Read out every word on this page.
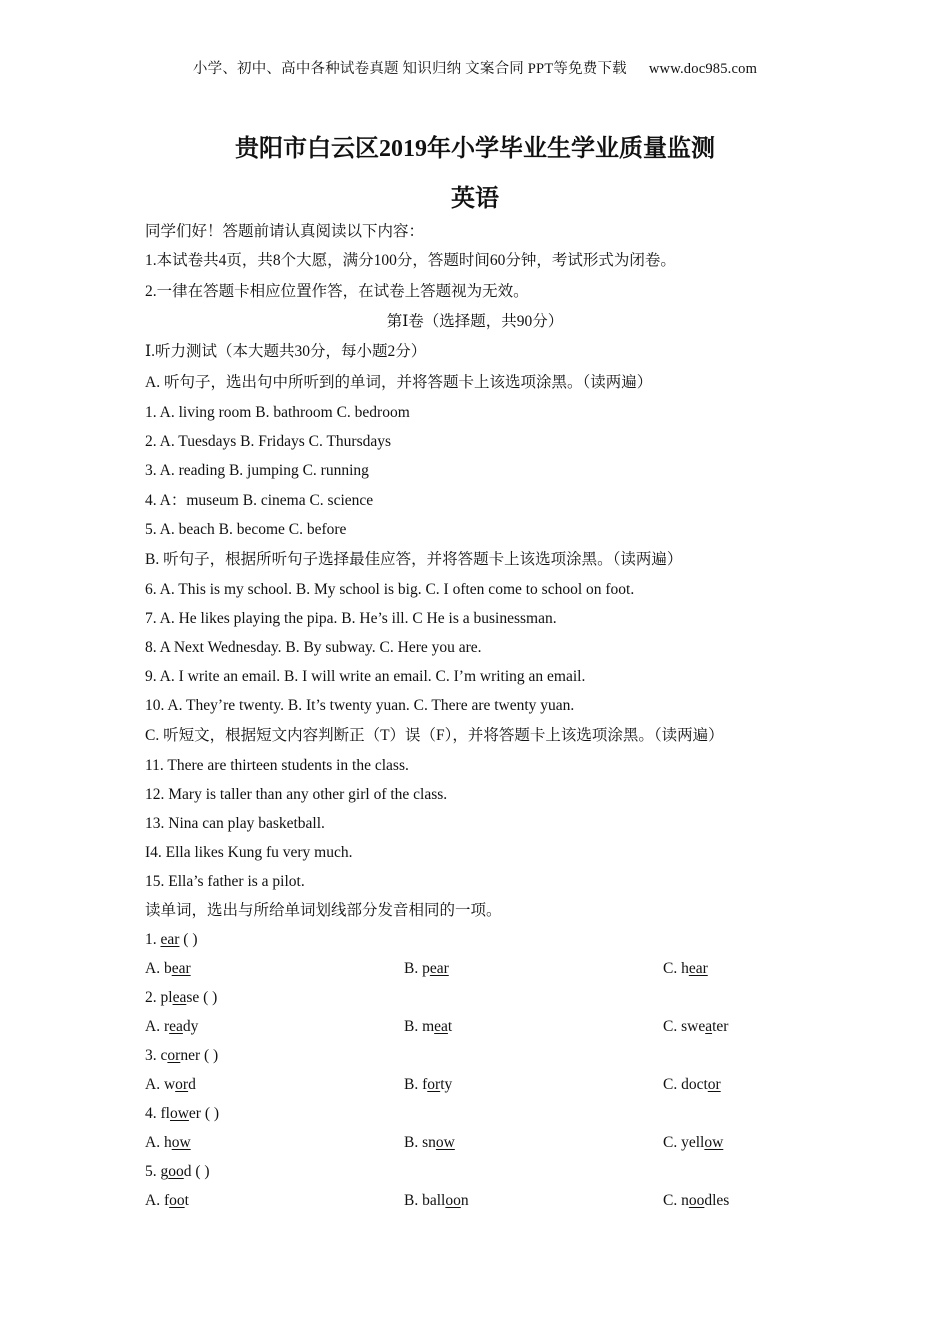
小学、初中、高中各种试卷真题 知识归纳 文案合同 PPT等免费下载 www.doc985.com
贵阳市白云区2019年小学毕业生学业质量监测
英语
同学们好！答题前请认真阅读以下内容：
1.本试卷共4页，共8个大愿，满分100分，答题时间60分钟，考试形式为闭卷。
2.一律在答题卡相应位置作答，在试卷上答题视为无效。
第Ⅰ卷（选择题，共90分）
Ⅰ.听力测试（本大题共30分，每小题2分）
A. 听句子，选出句中所听到的单词，并将答题卡上该选项涂黑。（读两遍）
1. A. living room B. bathroom C. bedroom
2. A. Tuesdays B. Fridays C. Thursdays
3. A. reading B. jumping C. running
4. A：museum B. cinema C. science
5. A. beach B. become C. before
B. 听句子，根据所听句子选择最佳应答，并将答题卡上该选项涂黑。（读两遍）
6. A. This is my school. B. My school is big. C. I often come to school on foot.
7. A. He likes playing the pipa. B. He’s ill. C He is a businessman.
8. A Next Wednesday. B. By subway. C. Here you are.
9. A. I write an email. B. I will write an email. C. I’m writing an email.
10. A. They’re twenty. B. It’s twenty yuan. C. There are twenty yuan.
C. 听短文，根据短文内容判断正（T）误（F），并将答题卡上该选项涂黑。（读两遍）
11. There are thirteen students in the class.
12. Mary is taller than any other girl of the class.
13. Nina can play basketball.
I4. Ella likes Kung fu very much.
15. Ella’s father is a pilot.
读单词，选出与所给单词划线部分发音相同的一项。
1. ear ( )
A. bear	B. pear	C. hear
2. please ( )
A. ready	B. meat	C. sweater
3. corner ( )
A. word	B. forty	C. doctor
4. flower ( )
A. how	B. snow	C. yellow
5. good ( )
A. foot	B. balloon	C. noodles
